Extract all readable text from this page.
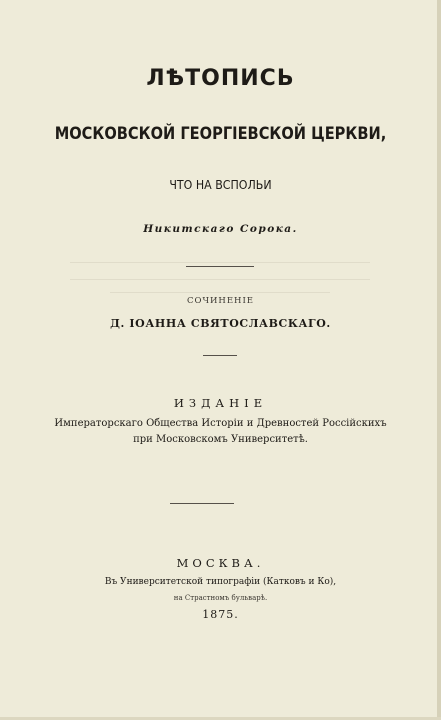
ЛѢТОПИСЬ
МОСКОВСКОЙ ГЕОРГІЕВСКОЙ ЦЕРКВИ,
ЧТО НА ВСПОЛЬИ
Никитскаго Сорока.
СОЧИНЕНІЕ
Д. ІОАННА СВЯТОСЛАВСКАГО.
ИЗДАНІЕ
Императорскаго Общества Исторіи и Древностей Россійскихъ
при Московскомъ Университетѣ.
МОСКВА.
Въ Университетской типографіи (Катковъ и Ко),
на Страстномъ бульварѣ.
1875.
